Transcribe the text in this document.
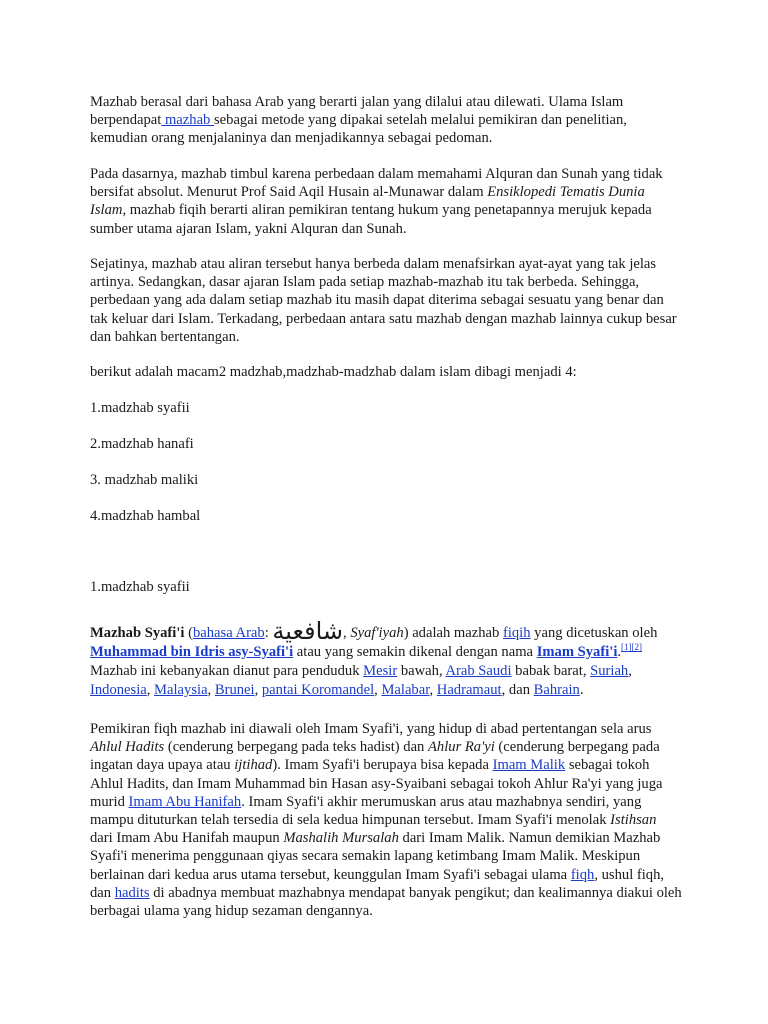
Mazhab berasal dari bahasa Arab yang berarti jalan yang dilalui atau dilewati. Ulama Islam berpendapat mazhab sebagai metode yang dipakai setelah melalui pemikiran dan penelitian, kemudian orang menjalaninya dan menjadikannya sebagai pedoman.

Pada dasarnya, mazhab timbul karena perbedaan dalam memahami Alquran dan Sunah yang tidak bersifat absolut. Menurut Prof Said Aqil Husain al-Munawar dalam Ensiklopedi Tematis Dunia Islam, mazhab fiqih berarti aliran pemikiran tentang hukum yang penetapannya merujuk kepada sumber utama ajaran Islam, yakni Alquran dan Sunah.

Sejatinya, mazhab atau aliran tersebut hanya berbeda dalam menafsirkan ayat-ayat yang tak jelas artinya. Sedangkan, dasar ajaran Islam pada setiap mazhab-mazhab itu tak berbeda. Sehingga, perbedaan yang ada dalam setiap mazhab itu masih dapat diterima sebagai sesuatu yang benar dan tak keluar dari Islam. Terkadang, perbedaan antara satu mazhab dengan mazhab lainnya cukup besar dan bahkan bertentangan.

berikut adalah macam2 madzhab,madzhab-madzhab dalam islam dibagi menjadi 4:

1.madzhab syafii

2.madzhab hanafi

3. madzhab maliki

4.madzhab hambal

1.madzhab syafii

Mazhab Syafi'i (bahasa Arab: شافعية, Syaf'iyah) adalah mazhab fiqih yang dicetuskan oleh Muhammad bin Idris asy-Syafi'i atau yang semakin dikenal dengan nama Imam Syafi'i.[1][2] Mazhab ini kebanyakan dianut para penduduk Mesir bawah, Arab Saudi babak barat, Suriah, Indonesia, Malaysia, Brunei, pantai Koromandel, Malabar, Hadramaut, dan Bahrain.

Pemikiran fiqh mazhab ini diawali oleh Imam Syafi'i, yang hidup di abad pertentangan sela arus Ahlul Hadits (cenderung berpegang pada teks hadist) dan Ahlur Ra'yi (cenderung berpegang pada ingatan daya upaya atau ijtihad). Imam Syafi'i berupaya bisa kepada Imam Malik sebagai tokoh Ahlul Hadits, dan Imam Muhammad bin Hasan asy-Syaibani sebagai tokoh Ahlur Ra'yi yang juga murid Imam Abu Hanifah. Imam Syafi'i akhir merumuskan arus atau mazhabnya sendiri, yang mampu dituturkan telah tersedia di sela kedua himpunan tersebut. Imam Syafi'i menolak Istihsan dari Imam Abu Hanifah maupun Mashalih Mursalah dari Imam Malik. Namun demikian Mazhab Syafi'i menerima penggunaan qiyas secara semakin lapang ketimbang Imam Malik. Meskipun berlainan dari kedua arus utama tersebut, keunggulan Imam Syafi'i sebagai ulama fiqh, ushul fiqh, dan hadits di abadnya membuat mazhabnya mendapat banyak pengikut; dan kealimannya diakui oleh berbagai ulama yang hidup sezaman dengannya.
